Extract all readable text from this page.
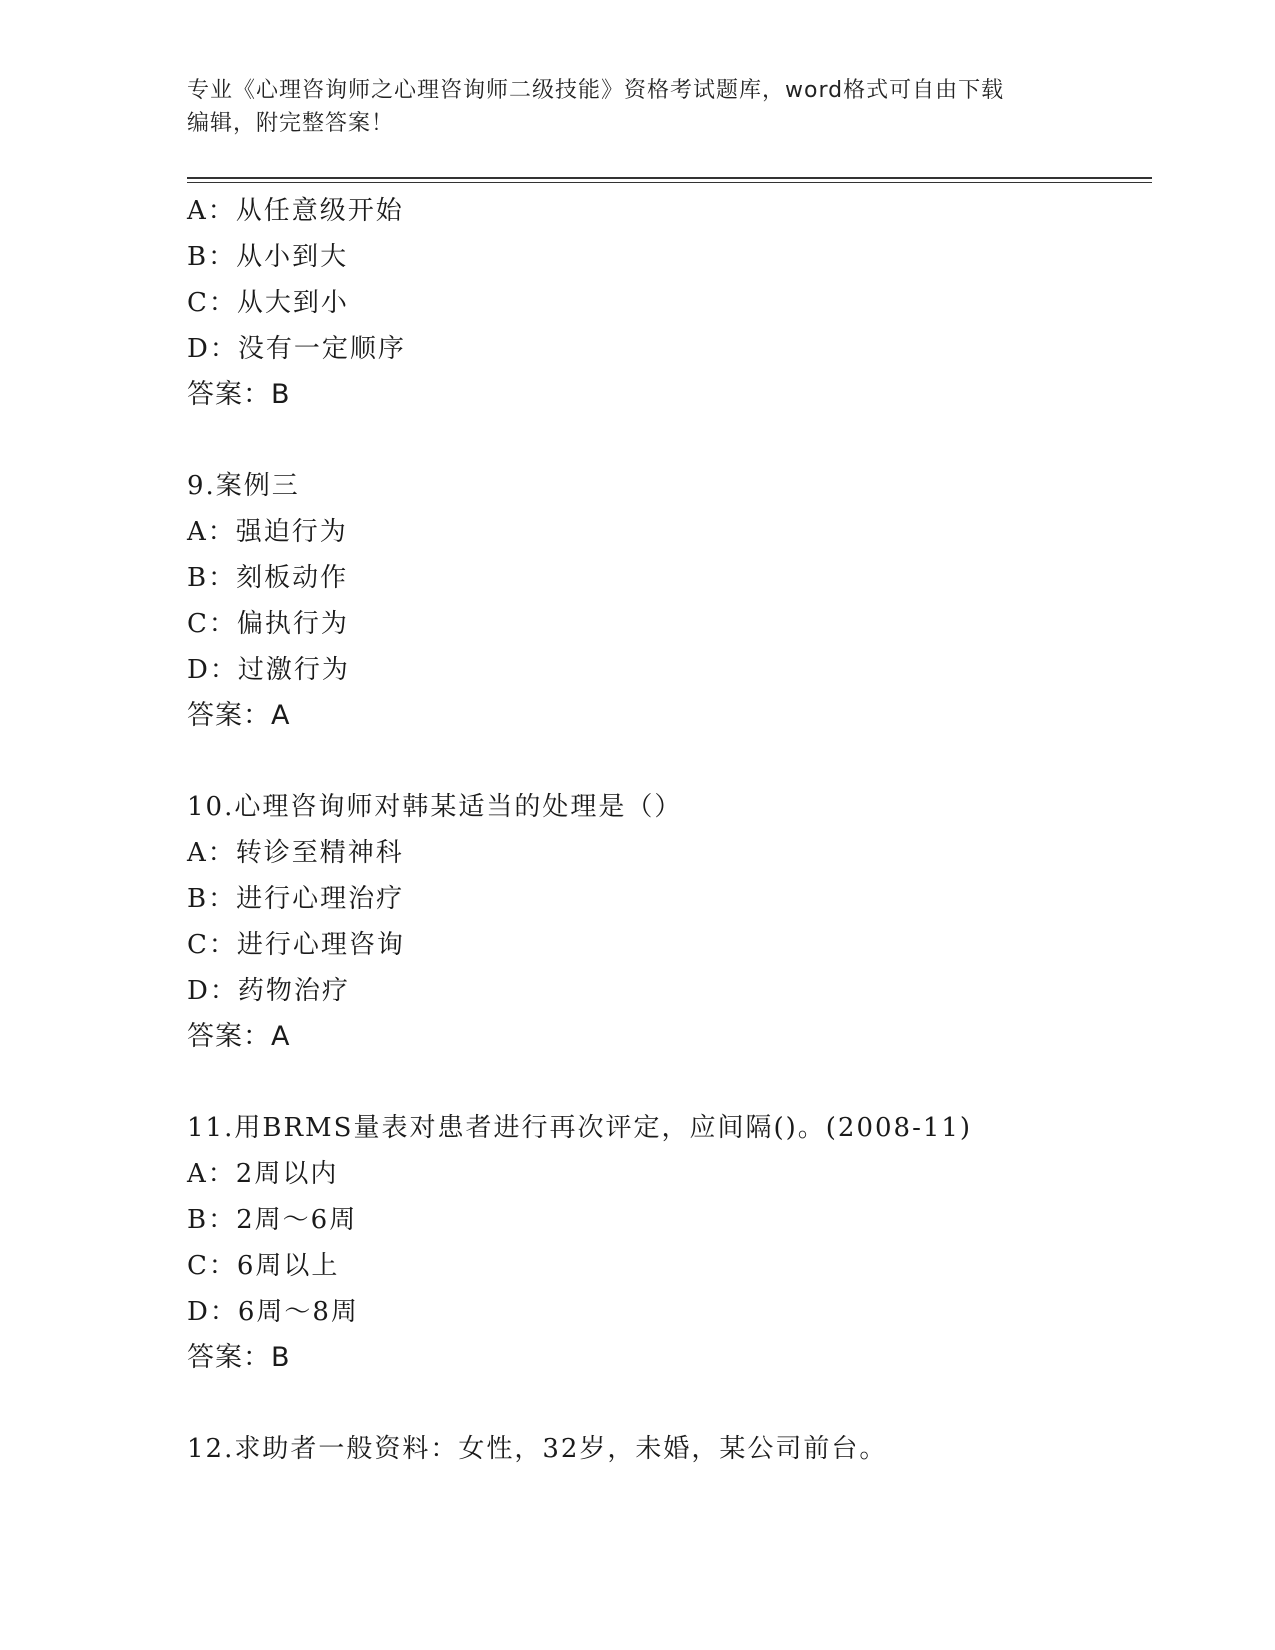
专业《心理咨询师之心理咨询师二级技能》资格考试题库，word格式可自由下载
编辑，附完整答案！
A：从任意级开始
B：从小到大
C：从大到小
D：没有一定顺序
答案：B
9.案例三
A：强迫行为
B：刻板动作
C：偏执行为
D：过激行为
答案：A
10.心理咨询师对韩某适当的处理是（）
A：转诊至精神科
B：进行心理治疗
C：进行心理咨询
D：药物治疗
答案：A
11.用BRMS量表对患者进行再次评定，应间隔()。(2008-11)
A：2周以内
B：2周～6周
C：6周以上
D：6周～8周
答案：B
12.求助者一般资料：女性，32岁，未婚，某公司前台。
